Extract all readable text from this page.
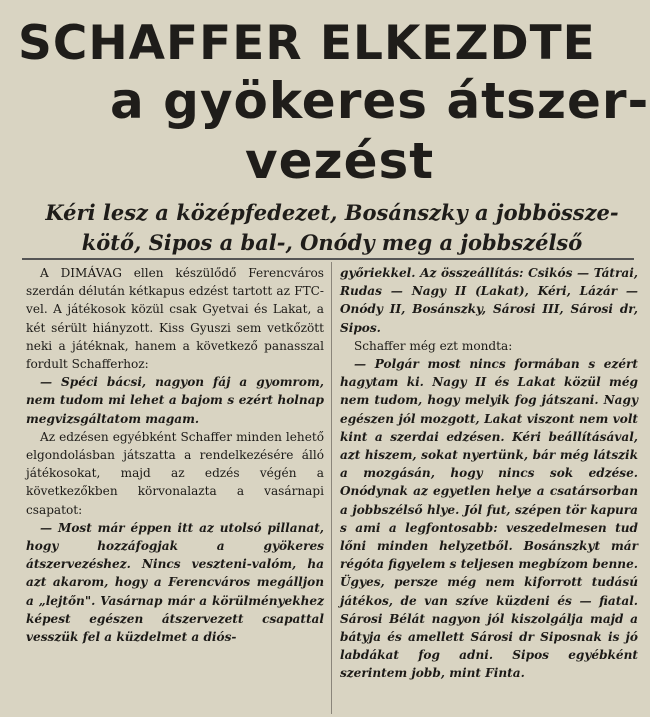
SCHAFFER ELKEZDTE
a gyökeres átszer-
vezést
Kéri lesz a középfedezet, Bosánszky a jobbössze-
kötő, Sipos a bal-, Onódy meg a jobbszélső

A DIMÁVAG ellen készülődő Ferencváros szerdán délután kétkapus edzést tartott az FTC-vel. A játékosok közül csak Gyetvai és Lakat, a két sérült hiányzott. Kiss Gyuszi sem vetkőzött neki a játéknak, hanem a következő panasszal fordult Schafferhoz:

— Spéci bácsi, nagyon fáj a gyomrom, nem tudom mi lehet a bajom s ezért holnap megvizsgáltatom magam.

Az edzésen egyébként Schaffer minden lehető elgondolásban játszatta a rendelkezésére álló játékosokat, majd az edzés végén a következőkben körvonalazta a vasárnapi csapatot:

— Most már éppen itt az utolsó pillanat, hogy hozzáfogjak a gyökeres átszervezéshez. Nincs veszteni-valóm, ha azt akarom, hogy a Ferencváros megálljon a „lejtőn". Vasárnap már a körülményekhez képest egészen átszervezett csapattal vesszük fel a küzdelmet a diós-

győriekkel. Az összeállítás: Csikós — Tátrai, Rudas — Nagy II (Lakat), Kéri, Lázár —Onódy II, Bosánszky, Sárosi III, Sárosi dr, Sipos.

Schaffer még ezt mondta:

— Polgár most nincs formában s ezért hagytam ki. Nagy II és Lakat közül még nem tudom, hogy melyik fog játszani. Nagy egészen jól mozgott, Lakat viszont nem volt kint a szerdai edzésen. Kéri beállításával, azt hiszem, sokat nyertünk, bár még látszik a mozgásán, hogy nincs sok edzése. Onódynak az egyetlen helye a csatársorban a jobbszélső hlye. Jól fut, szépen tör kapura s ami a legfontosabb: veszedelmesen tud lőni minden helyzetből. Bosánszkyt már régóta figyelem s teljesen megbízom benne. Ügyes, persze még nem kiforrott tudású játékos, de van szíve küzdeni és — fiatal. Sárosi Bélát nagyon jól kiszolgálja majd a bátyja és amellett Sárosi dr Siposnak is jó labdákat fog adni. Sipos egyébként szerintem jobb, mint Finta.
